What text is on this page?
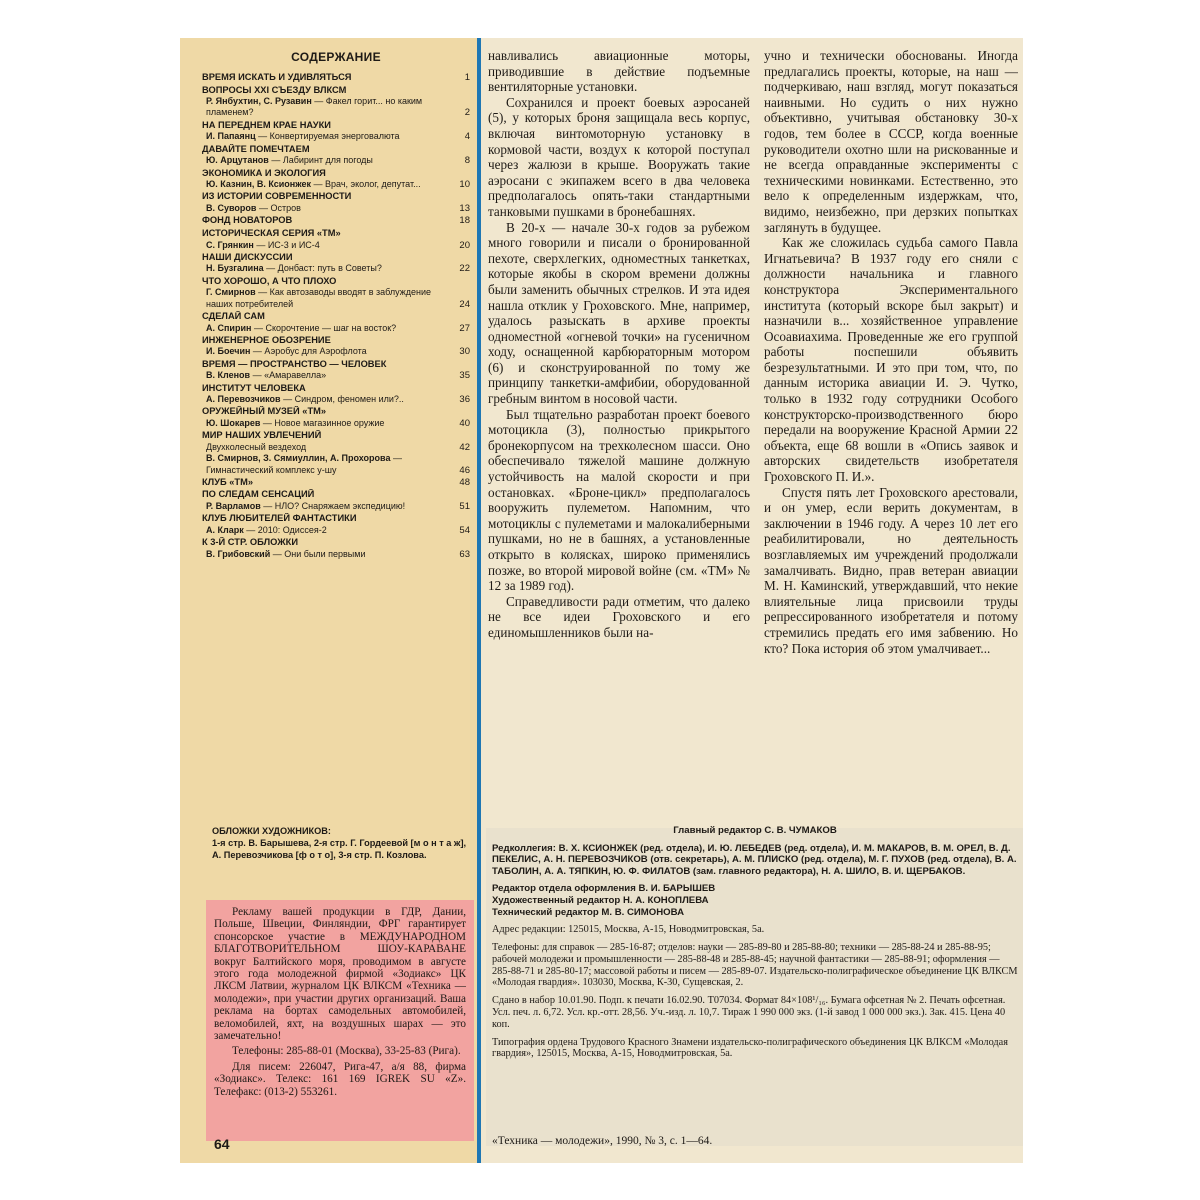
СОДЕРЖАНИЕ
ВРЕМЯ ИСКАТЬ И УДИВЛЯТЬСЯ	1
ВОПРОСЫ XXI СЪЕЗДУ ВЛКСМ
Р. Янбухтин, С. Рузавин — Факел горит... но каким пламенем?	2
НА ПЕРЕДНЕМ КРАЕ НАУКИ
И. Папаянц — Конвертируемая энерговалюта	4
ДАВАЙТЕ ПОМЕЧТАЕМ
Ю. Арцутанов — Лабиринт для погоды	8
ЭКОНОМИКА И ЭКОЛОГИЯ
Ю. Казнин, В. Ксионжек — Врач, эколог, депутат...	10
ИЗ ИСТОРИИ СОВРЕМЕННОСТИ
В. Суворов — Остров	13
ФОНД НОВАТОРОВ	18
ИСТОРИЧЕСКАЯ СЕРИЯ «ТМ»
С. Грянкин — ИС-3 и ИС-4	20
НАШИ ДИСКУССИИ
Н. Бузгалина — Донбаст: путь в Советы?	22
ЧТО ХОРОШО, А ЧТО ПЛОХО
Г. Смирнов — Как автозаводы вводят в заблуждение наших потребителей	24
СДЕЛАЙ САМ
А. Спирин — Скорочтение — шаг на восток?	27
ИНЖЕНЕРНОЕ ОБОЗРЕНИЕ
И. Боечин — Аэробус для Аэрофлота	30
ВРЕМЯ — ПРОСТРАНСТВО — ЧЕЛОВЕК
В. Кленов — «Амаравелла»	35
ИНСТИТУТ ЧЕЛОВЕКА
А. Перевозчиков — Синдром, феномен или?..	36
ОРУЖЕЙНЫЙ МУЗЕЙ «ТМ»
Ю. Шокарев — Новое магазинное оружие	40
МИР НАШИХ УВЛЕЧЕНИЙ
Двухколесный вездеход	42
В. Смирнов, З. Сямиуллин, А. Прохорова — Гимнастический комплекс у-шу	46
КЛУБ «ТМ»	48
ПО СЛЕДАМ СЕНСАЦИЙ
Р. Варламов — НЛО? Снаряжаем экспедицию!	51
КЛУБ ЛЮБИТЕЛЕЙ ФАНТАСТИКИ
А. Кларк — 2010: Одиссея-2	54
К 3-Й СТР. ОБЛОЖКИ
В. Грибовский — Они были первыми	63
ОБЛОЖКИ ХУДОЖНИКОВ:
1-я стр. В. Барышева, 2-я стр. Г. Гордеевой [м о н т а ж], А. Перевозчикова [ф о т о], 3-я стр. П. Козлова.

Рекламу вашей продукции в ГДР, Дании, Польше, Швеции, Финляндии, ФРГ гарантирует спонсорское участие в МЕЖДУНАРОДНОМ БЛАГОТВОРИТЕЛЬНОМ ШОУ-КАРАВАНЕ вокруг Балтийского моря, проводимом в августе этого года молодежной фирмой «Зодиакс» ЦК ЛКСМ Латвии, журналом ЦК ВЛКСМ «Техника — молодежи», при участии других организаций. Ваша реклама на бортах самодельных автомобилей, веломобилей, яхт, на воздушных шарах — это замечательно!

Телефоны: 285-88-01 (Москва), 33-25-83 (Рига).

Для писем: 226047, Рига-47, а/я 88, фирма «Зодиакс». Телекс: 161 169 IGREK SU «Z». Телефакс: (013-2) 553261.

64

навливались авиационные моторы, приводившие в действие подъемные вентиляторные установки.

Сохранился и проект боевых аэросаней (5), у которых броня защищала весь корпус, включая винтомоторную установку в кормовой части, воздух к которой поступал через жалюзи в крыше. Вооружать такие аэросани с экипажем всего в два человека предполагалось опять-таки стандартными танковыми пушками в бронебашнях.

В 20-х — начале 30-х годов за рубежом много говорили и писали о бронированной пехоте, сверхлегких, одноместных танкетках, которые якобы в скором времени должны были заменить обычных стрелков. И эта идея нашла отклик у Гроховского. Мне, например, удалось разыскать в архиве проекты одноместной «огневой точки» на гусеничном ходу, оснащенной карбюраторным мотором (6) и сконструированной по тому же принципу танкетки-амфибии, оборудованной гребным винтом в носовой части.

Был тщательно разработан проект боевого мотоцикла (3), полностью прикрытого бронекорпусом на трехколесном шасси. Оно обеспечивало тяжелой машине должную устойчивость на малой скорости и при остановках. «Броне-цикл» предполагалось вооружить пулеметом. Напомним, что мотоциклы с пулеметами и малокалиберными пушками, но не в башнях, а установленные открыто в колясках, широко применялись позже, во второй мировой войне (см. «ТМ» № 12 за 1989 год).

Справедливости ради отметим, что далеко не все идеи Гроховского и его единомышленников были на-

учно и технически обоснованы. Иногда предлагались проекты, которые, на наш — подчеркиваю, наш взгляд, могут показаться наивными. Но судить о них нужно объективно, учитывая обстановку 30-х годов, тем более в СССР, когда военные руководители охотно шли на рискованные и не всегда оправданные эксперименты с техническими новинками. Естественно, это вело к определенным издержкам, что, видимо, неизбежно, при дерзких попытках заглянуть в будущее.

Как же сложилась судьба самого Павла Игнатьевича? В 1937 году его сняли с должности начальника и главного конструктора Экспериментального института (который вскоре был закрыт) и назначили в... хозяйственное управление Осоавиахима. Проведенные же его группой работы поспешили объявить безрезультатными. И это при том, что, по данным историка авиации И. Э. Чутко, только в 1932 году сотрудники Особого конструкторско-производственного бюро передали на вооружение Красной Армии 22 объекта, еще 68 вошли в «Опись заявок и авторских свидетельств изобретателя Гроховского П. И.».

Спустя пять лет Гроховского арестовали, и он умер, если верить документам, в заключении в 1946 году. А через 10 лет его реабилитировали, но деятельность возглавляемых им учреждений продолжали замалчивать. Видно, прав ветеран авиации М. Н. Каминский, утверждавший, что некие влиятельные лица присвоили труды репрессированного изобретателя и потому стремились предать его имя забвению. Но кто? Пока история об этом умалчивает...

Главный редактор С. В. ЧУМАКОВ
Редколлегия: В. Х. КСИОНЖЕК (ред. отдела), И. Ю. ЛЕБЕДЕВ (ред. отдела), И. М. МАКАРОВ, В. М. ОРЕЛ, В. Д. ПЕКЕЛИС, А. Н. ПЕРЕВОЗЧИКОВ (отв. секретарь), А. М. ПЛИСКО (ред. отдела), М. Г. ПУХОВ (ред. отдела), В. А. ТАБОЛИН, А. А. ТЯПКИН, Ю. Ф. ФИЛАТОВ (зам. главного редактора), Н. А. ШИЛО, В. И. ЩЕРБАКОВ.
Редактор отдела оформления В. И. БАРЫШЕВ
Художественный редактор Н. А. КОНОПЛЕВА
Технический редактор М. В. СИМОНОВА
Адрес редакции: 125015, Москва, А-15, Новодмитровская, 5а.
Телефоны: для справок — 285-16-87; отделов: науки — 285-89-80 и 285-88-80; техники — 285-88-24 и 285-88-95; рабочей молодежи и промышленности — 285-88-48 и 285-88-45; научной фантастики — 285-88-91; оформления — 285-88-71 и 285-80-17; массовой работы и писем — 285-89-07. Издательско-полиграфическое объединение ЦК ВЛКСМ «Молодая гвардия». 103030, Москва, К-30, Сущевская, 2.
Сдано в набор 10.01.90. Подп. к печати 16.02.90. Т07034. Формат 84×108¹/₁₆. Бумага офсетная № 2. Печать офсетная. Усл. печ. л. 6,72. Усл. кр.-отт. 28,56. Уч.-изд. л. 10,7. Тираж 1 990 000 экз. (1-й завод 1 000 000 экз.). Зак. 415. Цена 40 коп.
Типография ордена Трудового Красного Знамени издательско-полиграфического объединения ЦК ВЛКСМ «Молодая гвардия», 125015, Москва, А-15, Новодмитровская, 5а.
«Техника — молодежи», 1990, № 3, с. 1—64.
